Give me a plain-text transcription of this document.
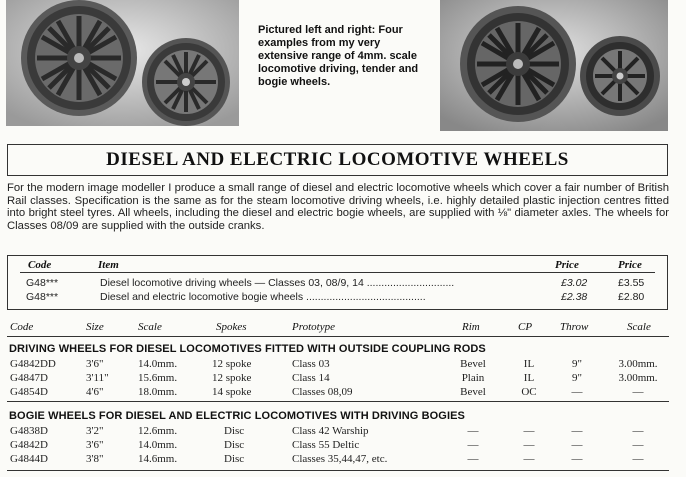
Pictured left and right: Four examples from my very extensive range of 4mm. scale locomotive driving, tender and bogie wheels.
DIESEL AND ELECTRIC LOCOMOTIVE WHEELS
For the modern image modeller I produce a small range of diesel and electric locomotive wheels which cover a fair number of British Rail classes. Specification is the same as for the steam locomotive driving wheels, i.e. highly detailed plastic injection centres fitted into bright steel tyres. All wheels, including the diesel and electric bogie wheels, are supplied with ⅛" diameter axles. The wheels for Classes 08/09 are supplied with the outside cranks.
Code	Item	Price	Price
G48***	Diesel locomotive driving wheels — Classes 03, 08/9, 14 ..............................	£3.02	£3.55
G48***	Diesel and electric locomotive bogie wheels .........................................	£2.38	£2.80
Code	Size	Scale	Spokes	Prototype	Rim	CP	Throw	Scale
DRIVING WHEELS FOR DIESEL LOCOMOTIVES FITTED WITH OUTSIDE COUPLING RODS
G4842DD	3'6"	14.0mm.	12 spoke	Class 03	Bevel	IL	9"	3.00mm.
G4847D	3'11"	15.6mm.	12 spoke	Class 14	Plain	IL	9"	3.00mm.
G4854D	4'6"	18.0mm.	14 spoke	Classes 08,09	Bevel	OC	—	—
BOGIE WHEELS FOR DIESEL AND ELECTRIC LOCOMOTIVES WITH DRIVING BOGIES
G4838D	3'2"	12.6mm.	Disc	Class 42 Warship	—	—	—	—
G4842D	3'6"	14.0mm.	Disc	Class 55 Deltic	—	—	—	—
G4844D	3'8"	14.6mm.	Disc	Classes 35,44,47, etc.	—	—	—	—
